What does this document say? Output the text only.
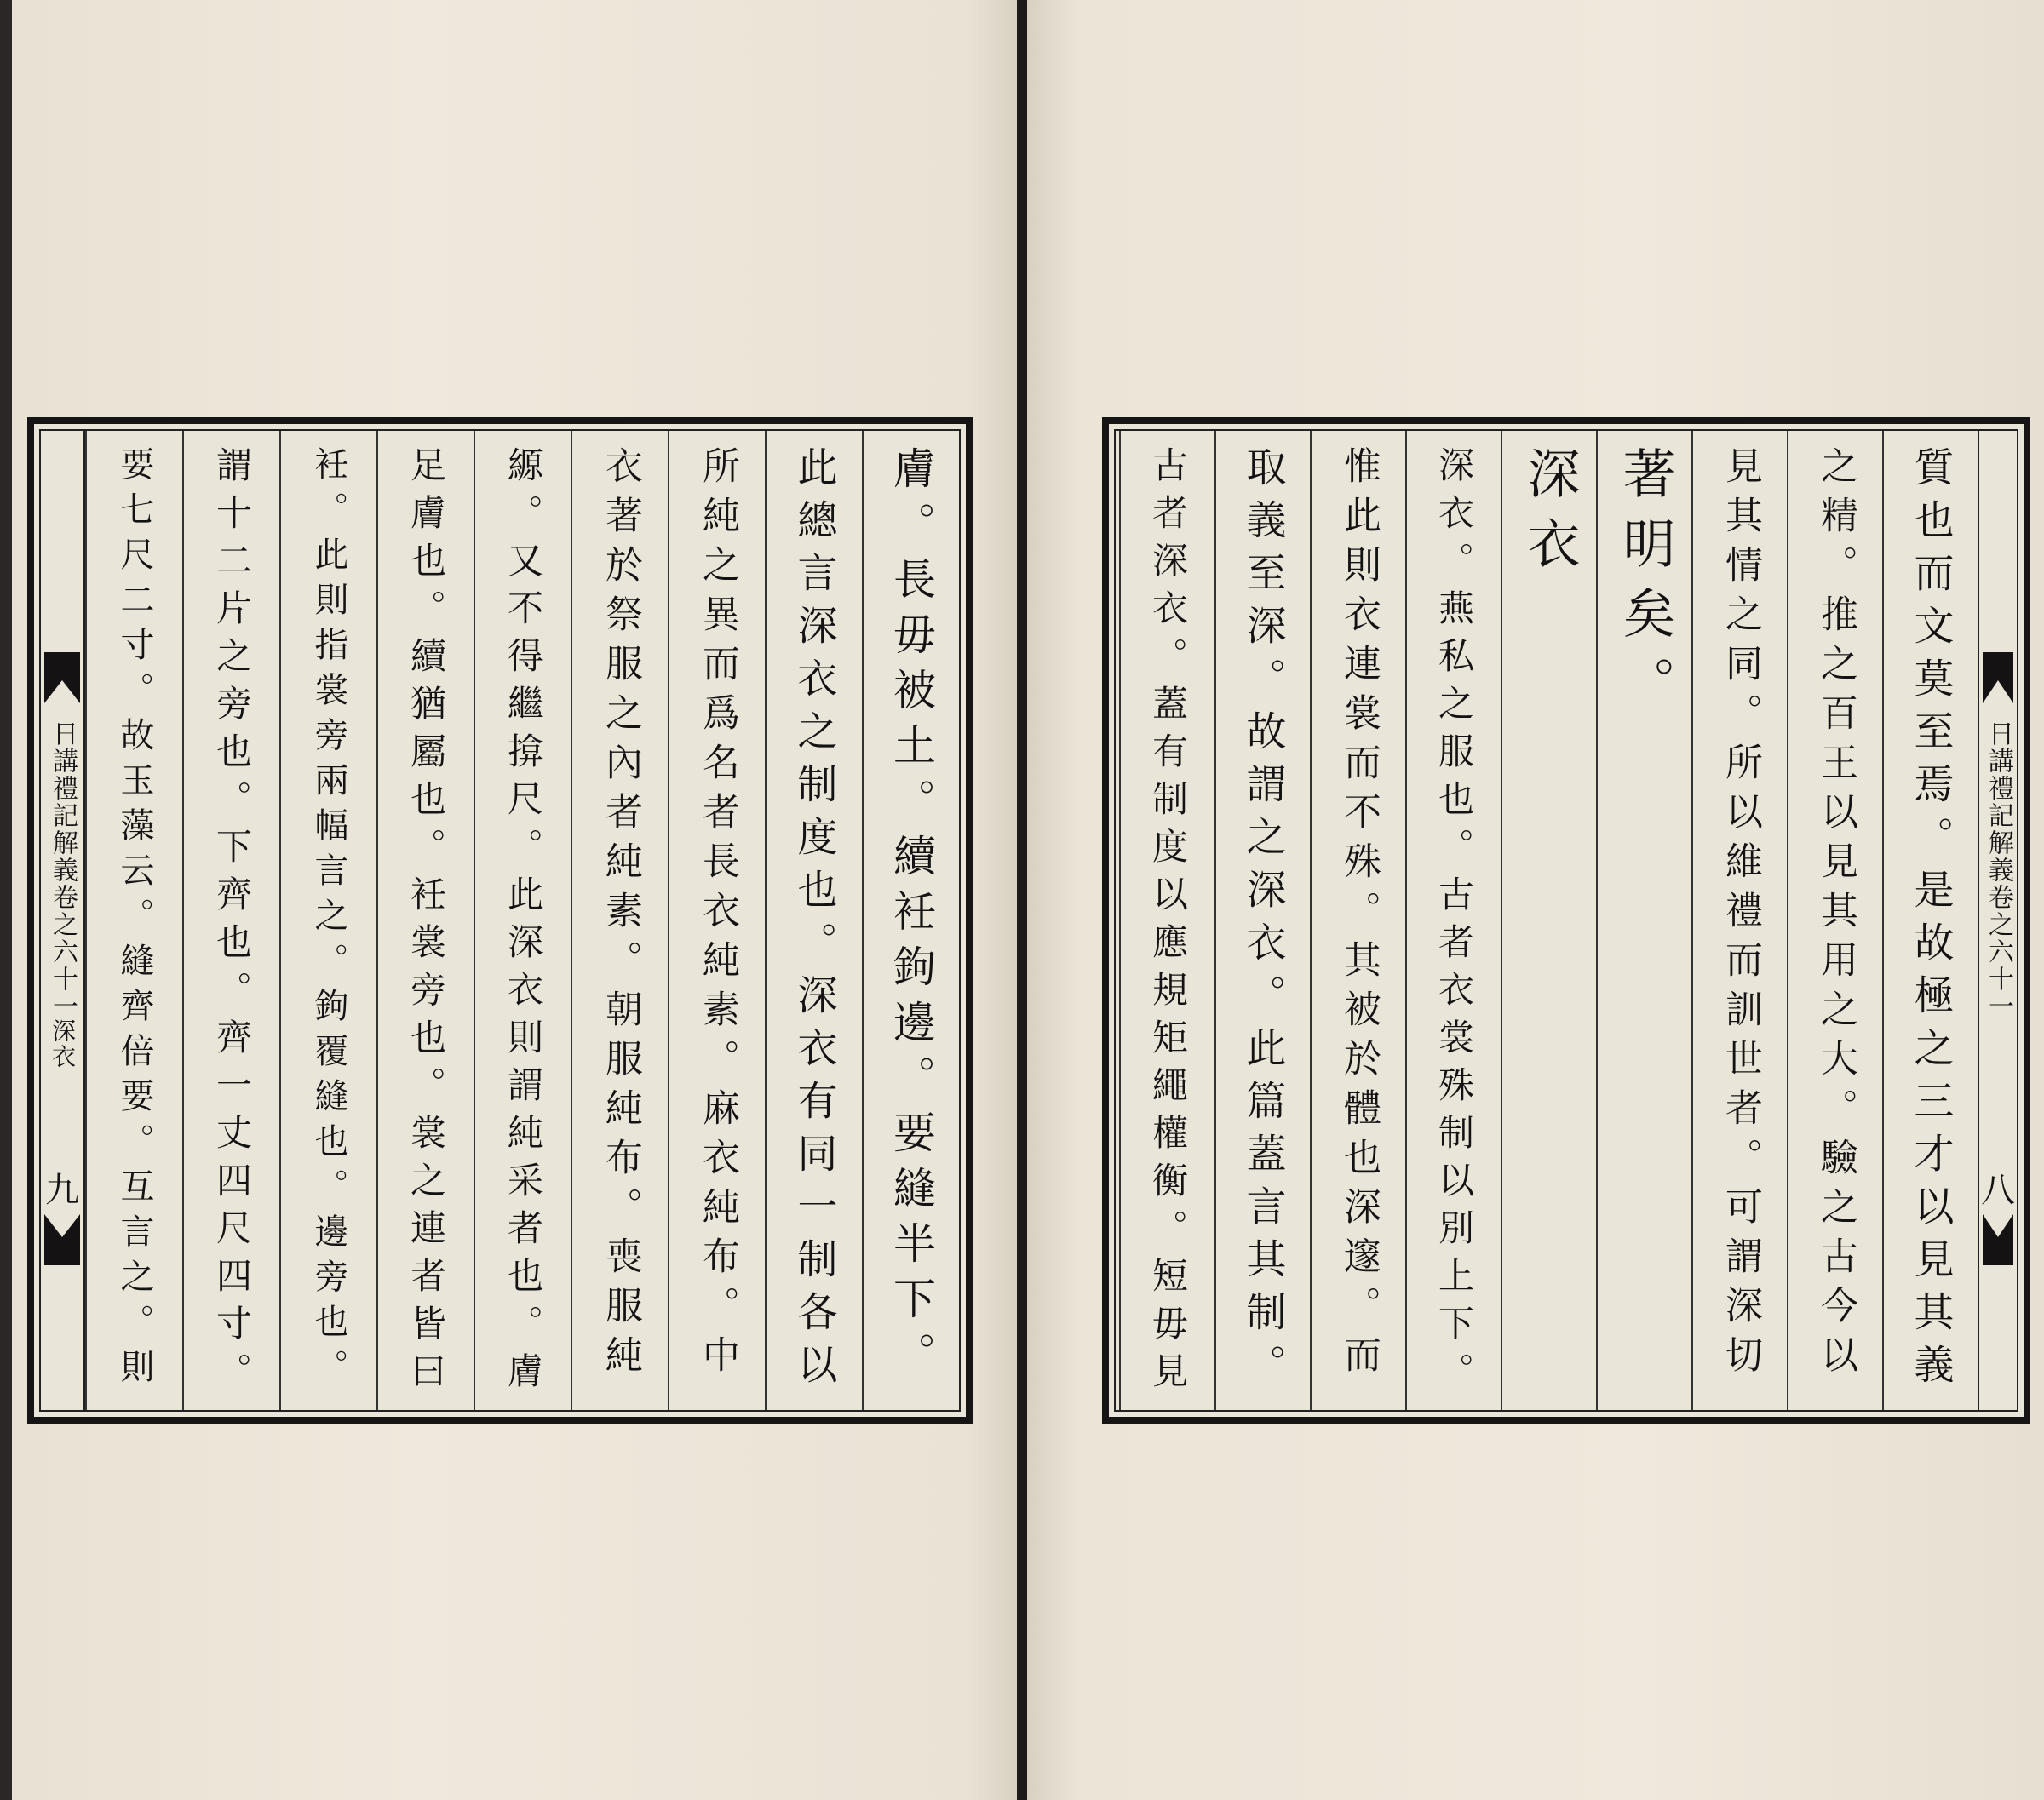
膚。長毋被土。續衽鉤邊。要縫半下。
此總言深衣之制度也。深衣有同一制各以
所純之異而爲名者長衣純素。麻衣純布。中
衣著於祭服之內者純素。朝服純布。喪服純
縓。又不得繼揜尺。此深衣則謂純采者也。膚
足膚也。續猶屬也。衽裳旁也。裳之連者皆曰
衽。此則指裳旁兩幅言之。鉤覆縫也。邊旁也。
謂十二片之旁也。下齊也。齊一丈四尺四寸。
要七尺二寸。故玉藻云。縫齊倍要。互言之。則
日講禮記解義卷之六十一
深衣
九
　　　　　　	質也而文莫至焉。是故極之三才以見其義
之精。推之百王以見其用之大。驗之古今以
見其情之同。所以維禮而訓世者。可謂深切
著明矣。
深衣
深衣。燕私之服也。古者衣裳殊制以別上下。
惟此則衣連裳而不殊。其被於體也深邃。而
取義至深。故謂之深衣。此篇蓋言其制。
古者深衣。蓋有制度以應規矩繩權衡。短毋見	日講禮記解義卷之六十一
八
